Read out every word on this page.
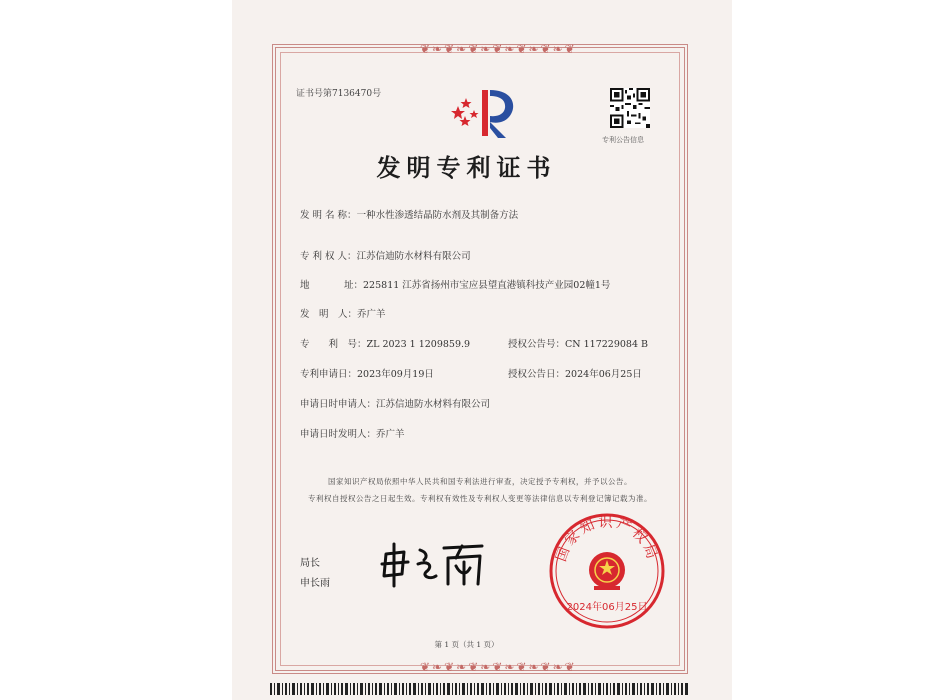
❦❧❦❧❦❧❦❧❦❧❦❧❦
❦❧❦❧❦❧❦❧❦❧❦❧❦
证书号第7136470号
专利公告信息
发明专利证书
发 明 名 称：一种水性渗透结晶防水剂及其制备方法
专 利 权 人：江苏信迪防水材料有限公司
地	址：225811 江苏省扬州市宝应县望直港镇科技产业园02幢1号
发　明　人：乔广羊
专　　利　号：ZL 2023 1 1209859.9	授权公告号：CN 117229084 B
专利申请日：2023年09月19日	授权公告日：2024年06月25日
申请日时申请人：江苏信迪防水材料有限公司
申请日时发明人：乔广羊
国家知识产权局依照中华人民共和国专利法进行审查，决定授予专利权，并予以公告。
专利权自授权公告之日起生效。专利权有效性及专利权人变更等法律信息以专利登记簿记载为准。
局长
申长雨
国家知识产权局
2024年06月25日
第 1 页（共 1 页）
